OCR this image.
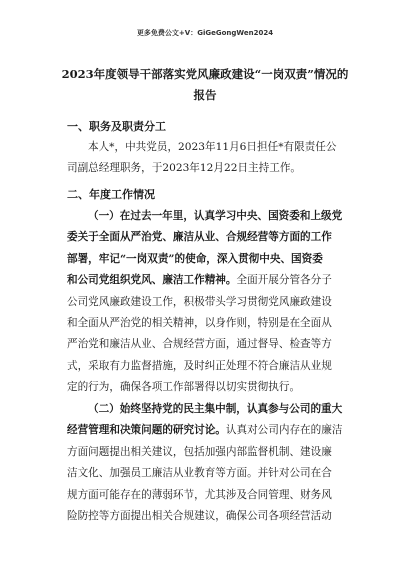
更多免费公文+V：GiGeGongWen2024
2023年度领导干部落实党风廉政建设“一岗双责”情况的
报告
一、职务及职责分工
本人*，中共党员，2023年11月6日担任*有限责任公
司副总经理职务，于2023年12月22日主持工作。
二、年度工作情况
（一）在过去一年里，认真学习中央、国资委和上级党
委关于全面从严治党、廉洁从业、合规经营等方面的工作
部署，牢记“一岗双责”的使命，深入贯彻中央、国资委
和公司党组织党风、廉洁工作精神。全面开展分管各分子
公司党风廉政建设工作，积极带头学习贯彻党风廉政建设
和全面从严治党的相关精神，以身作则，特别是在全面从
严治党和廉洁从业、合规经营方面，通过督导、检查等方
式，采取有力监督措施，及时纠正处理不符合廉洁从业规
定的行为，确保各项工作部署得以切实贯彻执行。
（二）始终坚持党的民主集中制，认真参与公司的重大
经营管理和决策问题的研究讨论。认真对公司内存在的廉洁
方面问题提出相关建议，包括加强内部监督机制、建设廉
洁文化、加强员工廉洁从业教育等方面。并针对公司在合
规方面可能存在的薄弱环节，尤其涉及合同管理、财务风
险防控等方面提出相关合规建议，确保公司各项经营活动
